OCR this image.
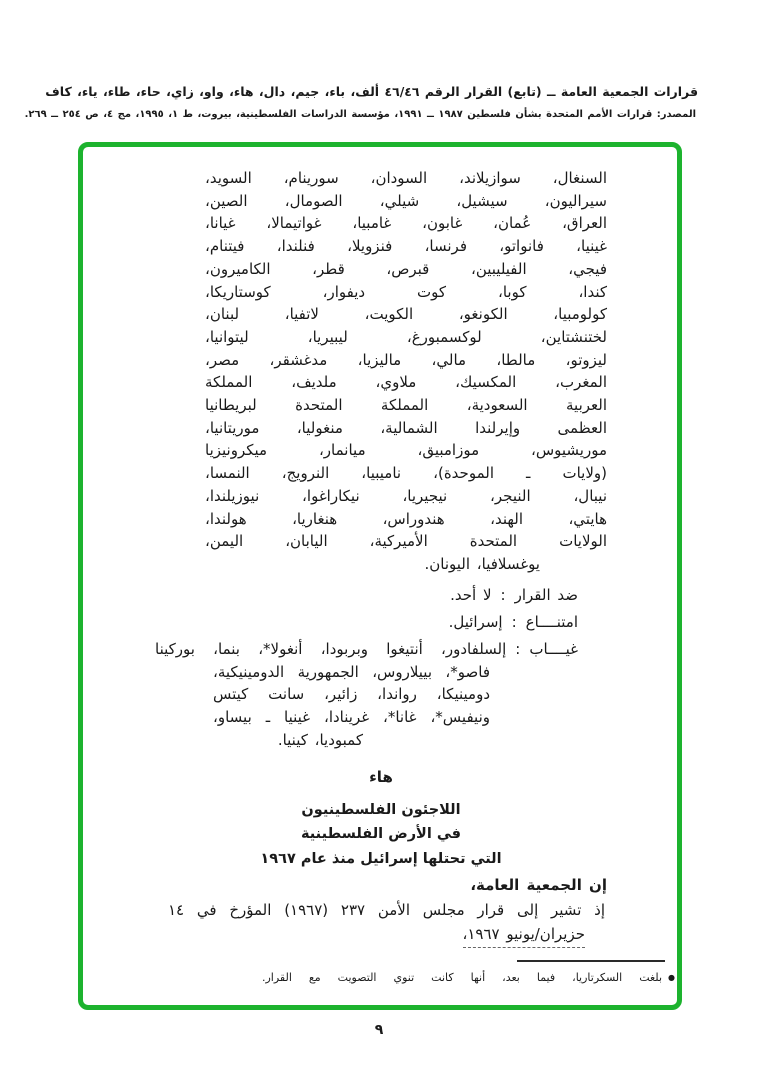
قرارات الجمعية العامة ــ (تابع) القرار الرقم ٤٦/٤٦ ألف، باء، جيم، دال، هاء، واو، زاي، حاء، طاء، ياء، كاف
المصدر: قرارات الأمم المتحدة بشأن فلسطين ١٩٨٧ ــ ١٩٩١، مؤسسة الدراسات الفلسطينية، بيروت، ط ١، ١٩٩٥، مج ٤، ص ٢٥٤ ــ ٢٦٩.
السنغال، سوازيلاند، السودان، سورينام، السويد،
سيراليون، سيشيل، شيلي، الصومال، الصين،
العراق، عُمان، غابون، غامبيا، غواتيمالا، غيانا،
غينيا، فانواتو، فرنسا، فنزويلا، فنلندا، فيتنام،
فيجي، الفيليبين، قبرص، قطر، الكاميرون،
كندا، كوبا، كوت ديفوار، كوستاريكا،
كولومبيا، الكونغو، الكويت، لاتفيا، لبنان،
لختنشتاين، لوكسمبورغ، ليبيريا، ليتوانيا،
ليزوتو، مالطا، مالي، ماليزيا، مدغشقر، مصر،
المغرب، المكسيك، ملاوي، ملديف، المملكة
العربية السعودية، المملكة المتحدة لبريطانيا
العظمى وإيرلندا الشمالية، منغوليا، موريتانيا،
موريشيوس، موزامبيق، ميانمار، ميكرونيزيا
(ولايات ـ الموحدة)، ناميبيا، النرويج، النمسا،
نيبال، النيجر، نيجيريا، نيكاراغوا، نيوزيلندا،
هايتي، الهند، هندوراس، هنغاريا، هولندا،
الولايات المتحدة الأميركية، اليابان، اليمن،
يوغسلافيا، اليونان.
ضد القرار
:
لا أحد.
امتنــــاع
:
إسرائيل.
غيــــاب
:
إلسلفادور، أنتيغوا وبربودا، أنغولا*، بنما، بوركينا
فاصو*، بييلاروس، الجمهورية الدومينيكية،
دومينيكا، رواندا، زائير، سانت كيتس
ونيفيس*، غانا*، غرينادا، غينيا ـ بيساو،
كمبوديا، كينيا.
هاء
اللاجئون الفلسطينيون
في الأرض الفلسطينية
التي تحتلها إسرائيل منذ عام ١٩٦٧
إن الجمعية العامة،
إذ تشير إلى قرار مجلس الأمن ٢٣٧ (١٩٦٧) المؤرخ في ١٤
حزيران/يونيو ١٩٦٧،
●
بلغت السكرتاريا، فيما بعد، أنها كانت تنوي التصويت مع القرار.
٩
